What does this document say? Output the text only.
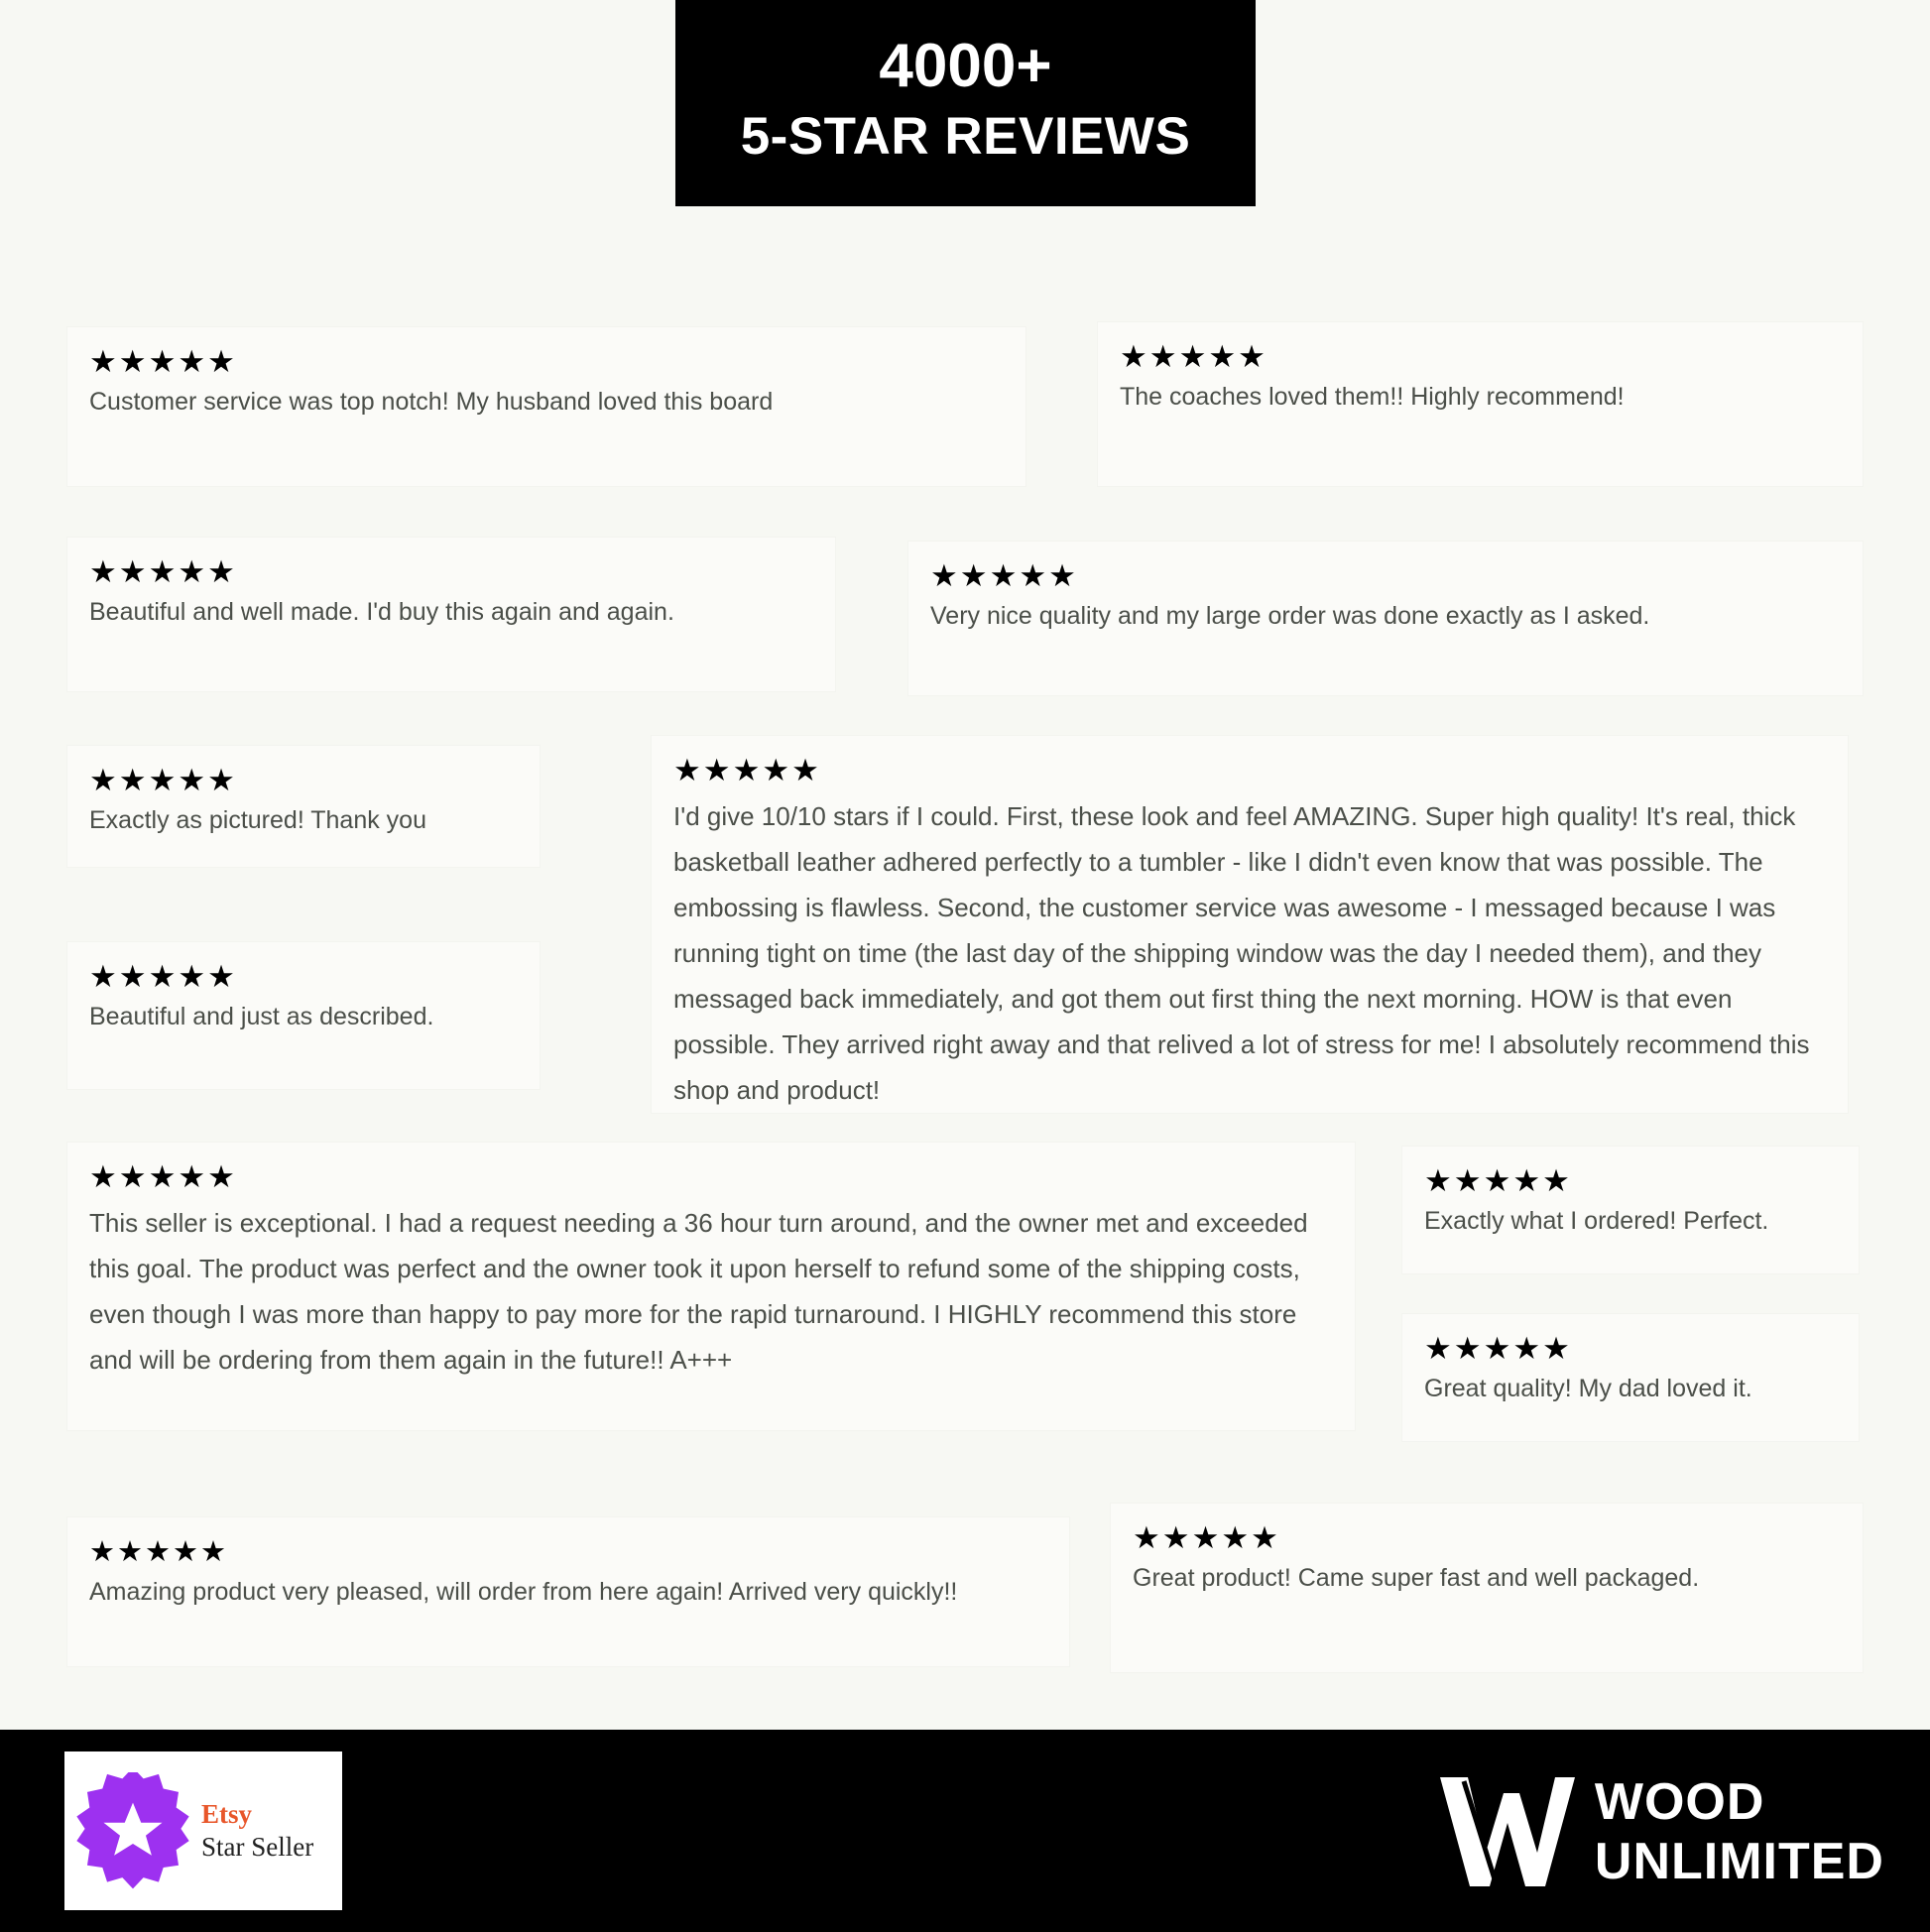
4000+
5-STAR REVIEWS
★★★★★
Customer service was top notch! My husband loved this board
★★★★★
The coaches loved them!! Highly recommend!
★★★★★
Beautiful and well made. I'd buy this again and again.
★★★★★
Very nice quality and my large order was done exactly as I asked.
★★★★★
Exactly as pictured! Thank you
★★★★★
Beautiful and just as described.
★★★★★
I'd give 10/10 stars if I could. First, these look and feel AMAZING. Super high quality! It's real, thick basketball leather adhered perfectly to a tumbler - like I didn't even know that was possible. The embossing is flawless. Second, the customer service was awesome - I messaged because I was running tight on time (the last day of the shipping window was the day I needed them), and they messaged back immediately, and got them out first thing the next morning. HOW is that even possible. They arrived right away and that relived a lot of stress for me! I absolutely recommend this shop and product!
★★★★★
This seller is exceptional. I had a request needing a 36 hour turn around, and the owner met and exceeded this goal. The product was perfect and the owner took it upon herself to refund some of the shipping costs, even though I was more than happy to pay more for the rapid turnaround. I HIGHLY recommend this store and will be ordering from them again in the future!! A+++
★★★★★
Exactly what I ordered! Perfect.
★★★★★
Great quality! My dad loved it.
★★★★★
Amazing product very pleased, will order from here again! Arrived very quickly!!
★★★★★
Great product! Came super fast and well packaged.
Etsy
Star Seller
WOOD
UNLIMITED
